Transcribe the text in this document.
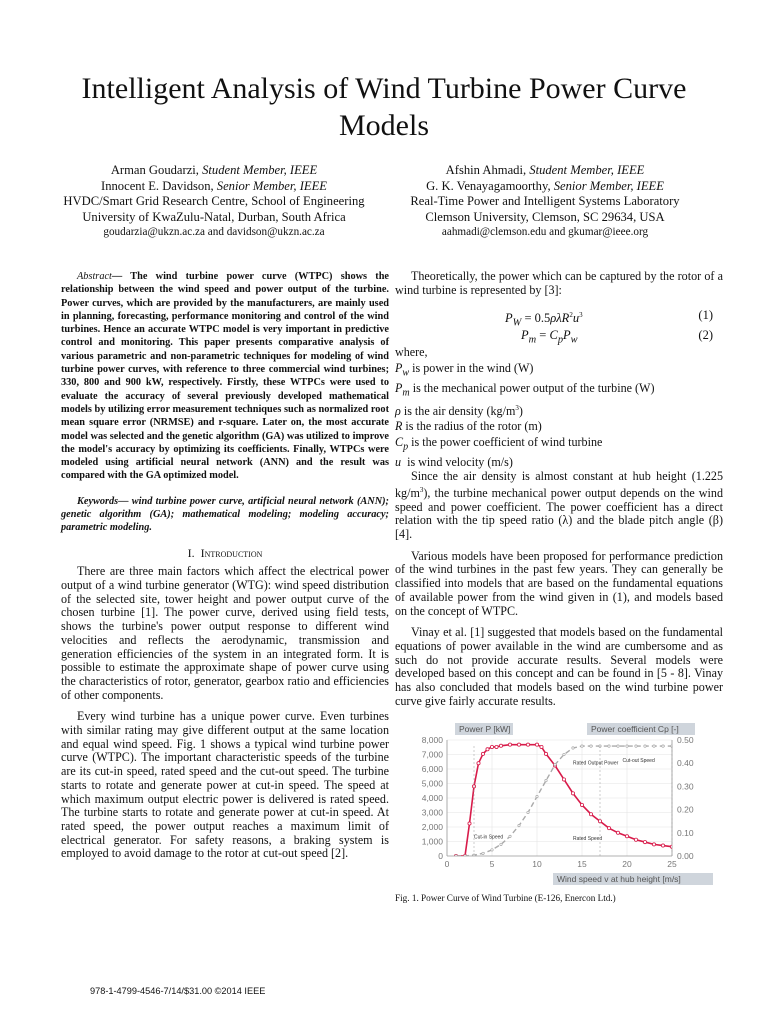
Intelligent Analysis of Wind Turbine Power Curve Models
Arman Goudarzi, Student Member, IEEE
Innocent E. Davidson, Senior Member, IEEE
HVDC/Smart Grid Research Centre, School of Engineering
University of KwaZulu-Natal, Durban, South Africa
goudarzia@ukzn.ac.za and davidson@ukzn.ac.za
Afshin Ahmadi, Student Member, IEEE
G. K. Venayagamoorthy, Senior Member, IEEE
Real-Time Power and Intelligent Systems Laboratory
Clemson University, Clemson, SC 29634, USA
aahmadi@clemson.edu and gkumar@ieee.org

Abstract— The wind turbine power curve (WTPC) shows the relationship between the wind speed and power output of the turbine. Power curves, which are provided by the manufacturers, are mainly used in planning, forecasting, performance monitoring and control of the wind turbines. Hence an accurate WTPC model is very important in predictive control and monitoring. This paper presents comparative analysis of various parametric and non-parametric techniques for modeling of wind turbine power curves, with reference to three commercial wind turbines; 330, 800 and 900 kW, respectively. Firstly, these WTPCs were used to evaluate the accuracy of several previously developed mathematical models by utilizing error measurement techniques such as normalized root mean square error (NRMSE) and r-square. Later on, the most accurate model was selected and the genetic algorithm (GA) was utilized to improve the model's accuracy by optimizing its coefficients. Finally, WTPCs were modeled using artificial neural network (ANN) and the result was compared with the GA optimized model.

Keywords— wind turbine power curve, artificial neural network (ANN); genetic algorithm (GA); mathematical modeling; modeling accuracy; parametric modeling.

I. Introduction

There are three main factors which affect the electrical power output of a wind turbine generator (WTG): wind speed distribution of the selected site, tower height and power output curve of the chosen turbine [1]. The power curve, derived using field tests, shows the turbine's power output response to different wind velocities and reflects the aerodynamic, transmission and generation efficiencies of the system in an integrated form. It is possible to estimate the approximate shape of power curve using the characteristics of rotor, generator, gearbox ratio and efficiencies of other components.

Every wind turbine has a unique power curve. Even turbines with similar rating may give different output at the same location and equal wind speed. Fig. 1 shows a typical wind turbine power curve (WTPC). The important characteristic speeds of the turbine are its cut-in speed, rated speed and the cut-out speed. The turbine starts to rotate and generate power at cut-in speed. The speed at which maximum output electric power is delivered is rated speed. The turbine starts to rotate and generate power at cut-in speed. At rated speed, the power output reaches a maximum limit of electrical generator. For safety reasons, a braking system is employed to avoid damage to the rotor at cut-out speed [2].

Theoretically, the power which can be captured by the rotor of a wind turbine is represented by [3]:

$P_W = 0.5\rho\lambda R^2u^3$	(1)
$P_m = C_pP_w$	(2)

where,

$P_w$ is power in the wind (W)

$P_m$ is the mechanical power output of the turbine (W)

ρ is the air density $(kg/m^3)$

R is the radius of the rotor (m)

$C_p$ is the power coefficient of wind turbine

u is wind velocity (m/s)

Since the air density is almost constant at hub height (1.225 $kg/m^3$), the turbine mechanical power output depends on the wind speed and power coefficient. The power coefficient has a direct relation with the tip speed ratio (λ) and the blade pitch angle (β) [4].

Various models have been proposed for performance prediction of the wind turbines in the past few years. They can generally be classified into models that are based on the fundamental equations of available power from the wind given in (1), and models based on the concept of WTPC.

Vinay et al. [1] suggested that models based on the fundamental equations of power available in the wind are cumbersome and as such do not provide accurate results. Several models were developed based on this concept and can be found in [5 - 8]. Vinay has also concluded that models based on the wind turbine power curve give fairly accurate results.

0
1,000
2,000
3,000
4,000
5,000
6,000
7,000
8,000
0.00
0.10
0.20
0.30
0.40
0.50
0	5	10	15	20	25
Power P [kW]	Power coefficient Cp [-]
Wind speed v at hub height [m/s]
Cut-in Speed	Rated Speed
Rated Output Power Cut-out Speed
Fig. 1. Power Curve of Wind Turbine (E-126, Enercon Ltd.)
978-1-4799-4546-7/14/$31.00 ©2014 IEEE
